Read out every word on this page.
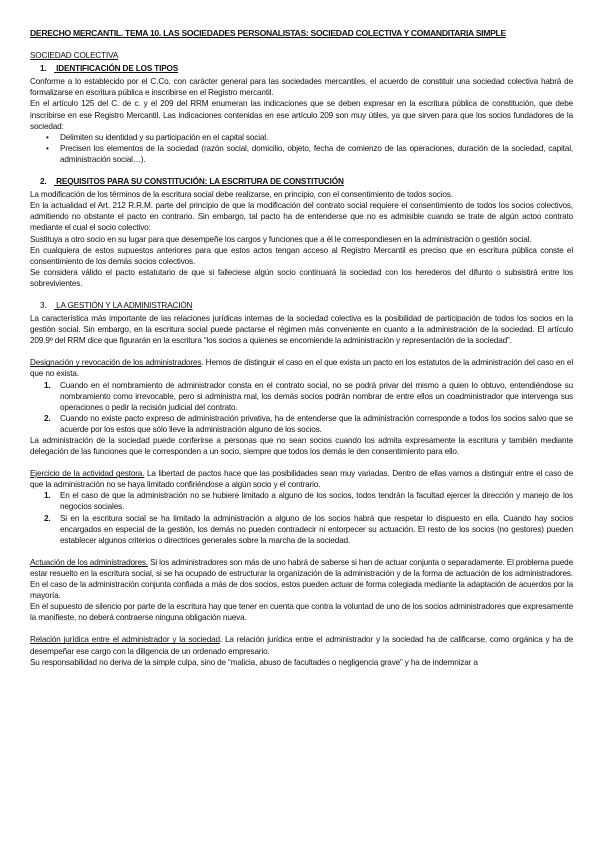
DERECHO MERCANTIL. TEMA 10. LAS SOCIEDADES PERSONALISTAS: SOCIEDAD COLECTIVA Y COMANDITARIA SIMPLE
SOCIEDAD COLECTIVA
1. IDENTIFICACIÓN DE LOS TIPOS

Conforme a lo establecido por el C.Co. con carácter general para las sociedades mercantiles, el acuerdo de constituir una sociedad colectiva habrá de formalizarse en escritura pública e inscribirse en el Registro mercantil.

En el artículo 125 del C. de c. y el 209 del RRM enumeran las indicaciones que se deben expresar en la escritura pública de constitución, que debe inscribirse en ese Registro Mercantil. Las indicaciones contenidas en ese artículo 209 son muy útiles, ya que sirven para que los socios fundadores de la sociedad:

• Delimiten su identidad y su participación en el capital social.
• Precisen los elementos de la sociedad (razón social, domicilio, objeto, fecha de comienzo de las operaciones, duración de la sociedad, capital, administración social…).
2. REQUISITOS PARA SU CONSTITUCIÓN: LA ESCRITURA DE CONSTITUCIÓN

La modificación de los términos de la escritura social debe realizarse, en principio, con el consentimiento de todos socios.

En la actualidad el Art. 212 R.R.M. parte del principio de que la modificación del contrato social requiere el consentimiento de todos los socios colectivos, admitiendo no obstante el pacto en contrario. Sin embargo, tal pacto ha de entenderse que no es admisible cuando se trate de algún actoo contrato mediante el cual el socio colectivo:

Sustituya a otro socio en su lugar para que desempeñe los cargos y funciones que a él le correspondiesen en la administración o gestión social.

En cualquiera de estos supuestos anteriores para que estos actos tengan acceso al Registro Mercantil es preciso que en escritura pública conste el consentimiento de los demás socios colectivos.

Se considera válido el pacto estatutario de que si falleciese algún socio continuará la sociedad con los herederos del difunto o subsistirá entre los sobrevivientes.

3. LA GESTIÓN Y LA ADMINISTRACIÓN

La característica más importante de las relaciones jurídicas internas de la sociedad colectiva es la posibilidad de participación de todos los socios en la gestión social. Sin embargo, en la escritura social puede pactarse el régimen más conveniente en cuanto a la administración de la sociedad. El artículo 209.9º del RRM dice que figurarán en la escritura “los socios a quienes se encomiende la administración y representación de la sociedad”.

Designación y revocación de los administradores. Hemos de distinguir el caso en el que exista un pacto en los estatutos de la administración del caso en el que no exista.

1. Cuando en el nombramiento de administrador consta en el contrato social, no se podrá privar del mismo a quien lo obtuvo, entendiéndose su nombramiento como irrevocable, pero si administra mal, los demás socios podrán nombrar de entre ellos un coadministrador que intervenga sus operaciones o pedir la recisión judicial del contrato.
2. Cuando no existe pacto expreso de administración privativa, ha de entenderse que la administración corresponde a todos los socios salvo que se acuerde por los estos que sólo lleve la administración alguno de los socios.

La administración de la sociedad puede conferirse a personas que no sean socios cuando los admita expresamente la escritura y también mediante delegación de las funciones que le corresponden a un socio, siempre que todos los demás le den consentimiento para ello.

Ejercicio de la actividad gestora. La libertad de pactos hace que las posibilidades sean muy variadas. Dentro de ellas vamos a distinguir entre el caso de que la administración no se haya limitado confiriéndose a algún socio y el contrario.

1. En el caso de que la administración no se hubiere limitado a alguno de los socios, todos tendrán la facultad ejercer la dirección y manejo de los negocios sociales.
2. Si en la escritura social se ha limitado la administración a alguno de los socios habrá que respetar lo dispuesto en ella. Cuando hay socios encargados en especial de la gestión, los demás no pueden contradecir ni entorpecer su actuación. El resto de los socios (no gestores) pueden establecer algunos criterios o directrices generales sobre la marcha de la sociedad.

Actuación de los administradores. Si los administradores son más de uno habrá de saberse si han de actuar conjunta o separadamente. El problema puede estar resuelto en la escritura social, si se ha ocupado de estructurar la organización de la administración y de la forma de actuación de los administradores. En el caso de la administración conjunta confiada a más de dos socios, estos pueden actuar de forma colegiada mediante la adaptación de acuerdos por la mayoría.

En el supuesto de silencio por parte de la escritura hay que tener en cuenta que contra la voluntad de uno de los socios administradores que expresamente la manifieste, no deberá contraerse ninguna obligación nueva.

Relación jurídica entre el administrador y la sociedad. La relación jurídica entre el administrador y la sociedad ha de calificarse, como orgánica y ha de desempeñar ese cargo con la diligencia de un ordenado empresario.

Su responsabilidad no deriva de la simple culpa, sino de “malicia, abuso de facultades o negligencia grave” y ha de indemnizar a
